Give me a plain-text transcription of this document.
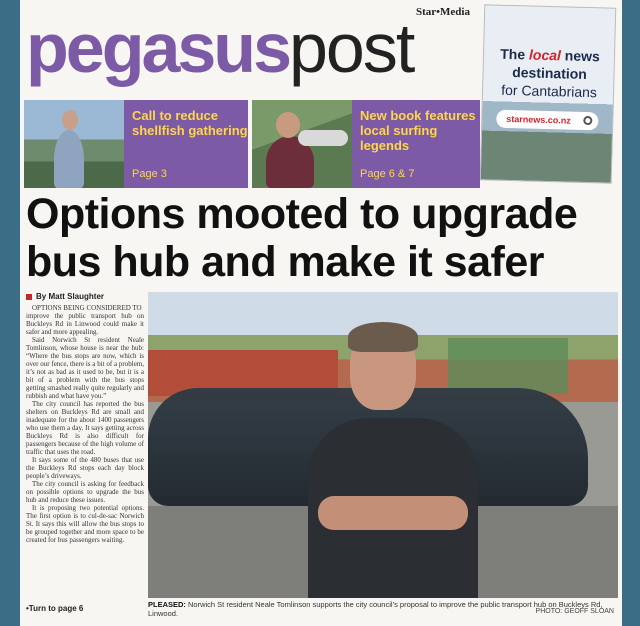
Star•Media
pegasuspost	The local news
destination
for Cantabrians
starnews.co.nz
Call to reduce shellfish gathering
Page 3
New book features local surfing legends
Page 6 & 7
Options mooted to upgrade
bus hub and make it safer
By Matt Slaughter

OPTIONS BEING CONSIDERED TO

improve the public transport hub on Buckleys Rd in Linwood could make it safer and more appealing.

Said Norwich St resident Neale Tomlinson, whose house is near the hub: “Where the bus stops are now, which is over our fence, there is a bit of a problem, it’s not as bad as it used to be, but it is a bit of a problem with the bus stops getting smashed really quite regularly and rubbish and what have you.”

The city council has reported the bus shelters on Buckleys Rd are small and inadequate for the about 1400 passengers who use them a day. It says getting across Buckleys Rd is also difficult for passengers because of the high volume of traffic that uses the road.

It says some of the 480 buses that use the Buckleys Rd stops each day block people’s driveways.

The city council is asking for feedback on possible options to upgrade the bus hub and reduce these issues.

It is proposing two potential options. The first option is to cul-de-sac Norwich St. It says this will allow the bus stops to be grouped together and more space to be created for bus passengers waiting.

•Turn to page 6	PLEASED: Norwich St resident Neale Tomlinson supports the city council’s proposal to improve the public transport hub on Buckleys Rd, Linwood.	PHOTO: GEOFF SLOAN
